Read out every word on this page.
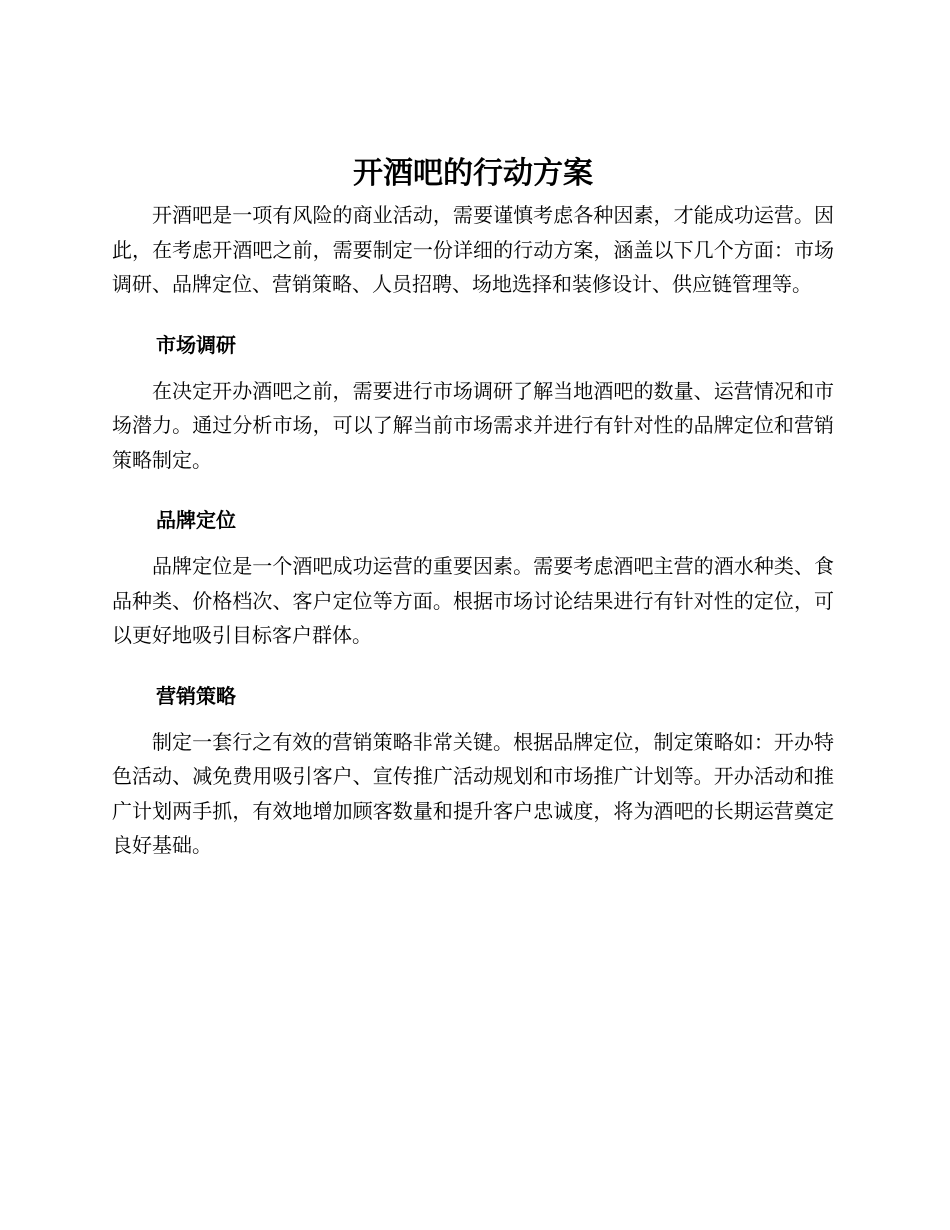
开酒吧的行动方案

开酒吧是一项有风险的商业活动，需要谨慎考虑各种因素，才能成功运营。因此，在考虑开酒吧之前，需要制定一份详细的行动方案，涵盖以下几个方面：市场调研、品牌定位、营销策略、人员招聘、场地选择和装修设计、供应链管理等。

市场调研

在决定开办酒吧之前，需要进行市场调研了解当地酒吧的数量、运营情况和市场潜力。通过分析市场，可以了解当前市场需求并进行有针对性的品牌定位和营销策略制定。

品牌定位

品牌定位是一个酒吧成功运营的重要因素。需要考虑酒吧主营的酒水种类、食品种类、价格档次、客户定位等方面。根据市场讨论结果进行有针对性的定位，可以更好地吸引目标客户群体。

营销策略

制定一套行之有效的营销策略非常关键。根据品牌定位，制定策略如：开办特色活动、减免费用吸引客户、宣传推广活动规划和市场推广计划等。开办活动和推广计划两手抓，有效地增加顾客数量和提升客户忠诚度，将为酒吧的长期运营奠定良好基础。
